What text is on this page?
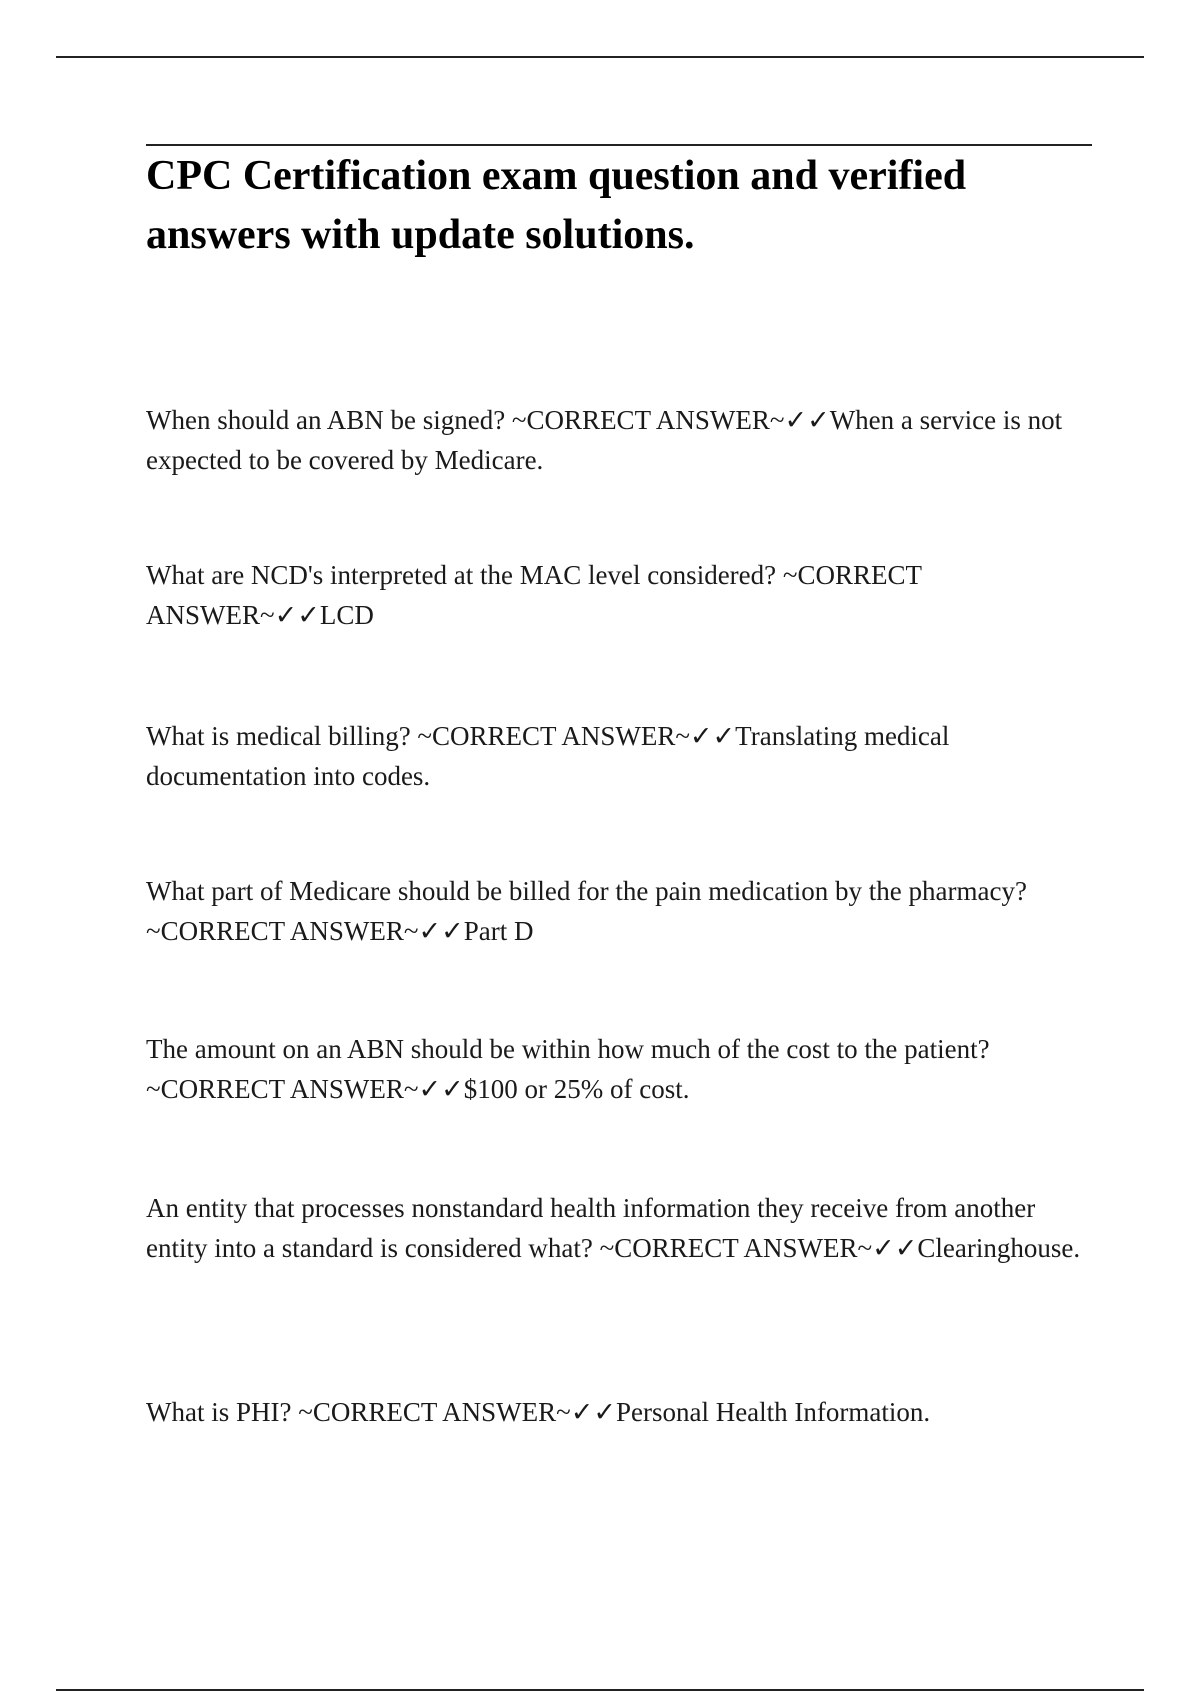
CPC Certification exam question and verified answers with update solutions.

When should an ABN be signed? ~CORRECT ANSWER~✓✓When a service is not expected to be covered by Medicare.

What are NCD's interpreted at the MAC level considered? ~CORRECT ANSWER~✓✓LCD

What is medical billing? ~CORRECT ANSWER~✓✓Translating medical documentation into codes.

What part of Medicare should be billed for the pain medication by the pharmacy? ~CORRECT ANSWER~✓✓Part D

The amount on an ABN should be within how much of the cost to the patient? ~CORRECT ANSWER~✓✓$100 or 25% of cost.

An entity that processes nonstandard health information they receive from another entity into a standard is considered what? ~CORRECT ANSWER~✓✓Clearinghouse.

What is PHI? ~CORRECT ANSWER~✓✓Personal Health Information.
